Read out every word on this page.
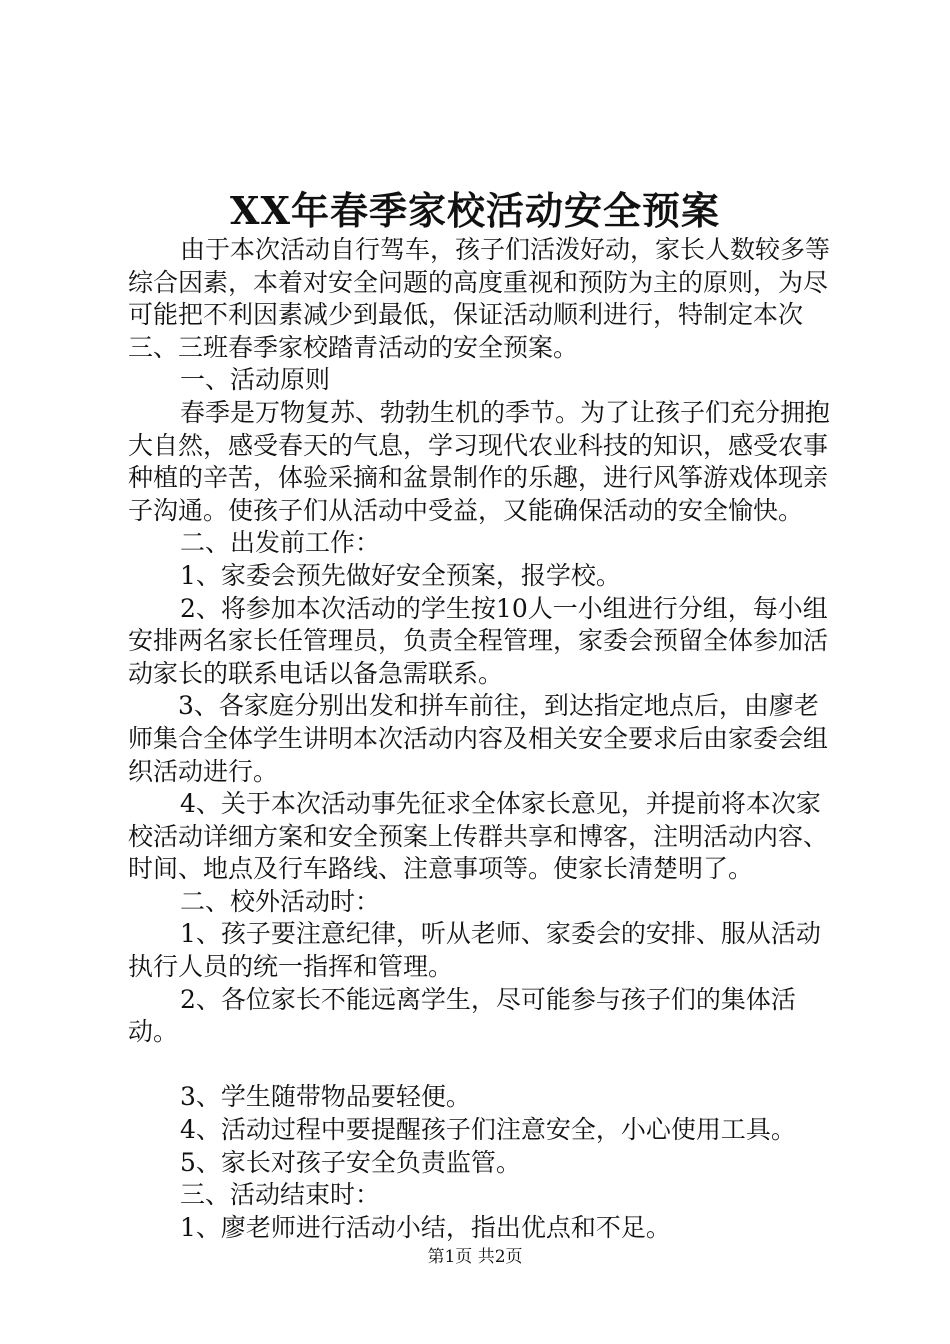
XX年春季家校活动安全预案

由于本次活动自行驾车，孩子们活泼好动，家长人数较多等综合因素，本着对安全问题的高度重视和预防为主的原则，为尽可能把不利因素减少到最低，保证活动顺利进行，特制定本次三、三班春季家校踏青活动的安全预案。

一、活动原则

春季是万物复苏、勃勃生机的季节。为了让孩子们充分拥抱大自然，感受春天的气息，学习现代农业科技的知识，感受农事种植的辛苦，体验采摘和盆景制作的乐趣，进行风筝游戏体现亲子沟通。使孩子们从活动中受益，又能确保活动的安全愉快。

二、出发前工作：

1、家委会预先做好安全预案，报学校。

2、将参加本次活动的学生按10人一小组进行分组，每小组安排两名家长任管理员，负责全程管理，家委会预留全体参加活动家长的联系电话以备急需联系。

3、各家庭分别出发和拼车前往，到达指定地点后，由廖老师集合全体学生讲明本次活动内容及相关安全要求后由家委会组织活动进行。

4、关于本次活动事先征求全体家长意见，并提前将本次家校活动详细方案和安全预案上传群共享和博客，注明活动内容、时间、地点及行车路线、注意事项等。使家长清楚明了。

二、校外活动时：

1、孩子要注意纪律，听从老师、家委会的安排、服从活动执行人员的统一指挥和管理。

2、各位家长不能远离学生，尽可能参与孩子们的集体活动。

3、学生随带物品要轻便。

4、活动过程中要提醒孩子们注意安全，小心使用工具。

5、家长对孩子安全负责监管。

三、活动结束时：

1、廖老师进行活动小结，指出优点和不足。

第1页 共2页
